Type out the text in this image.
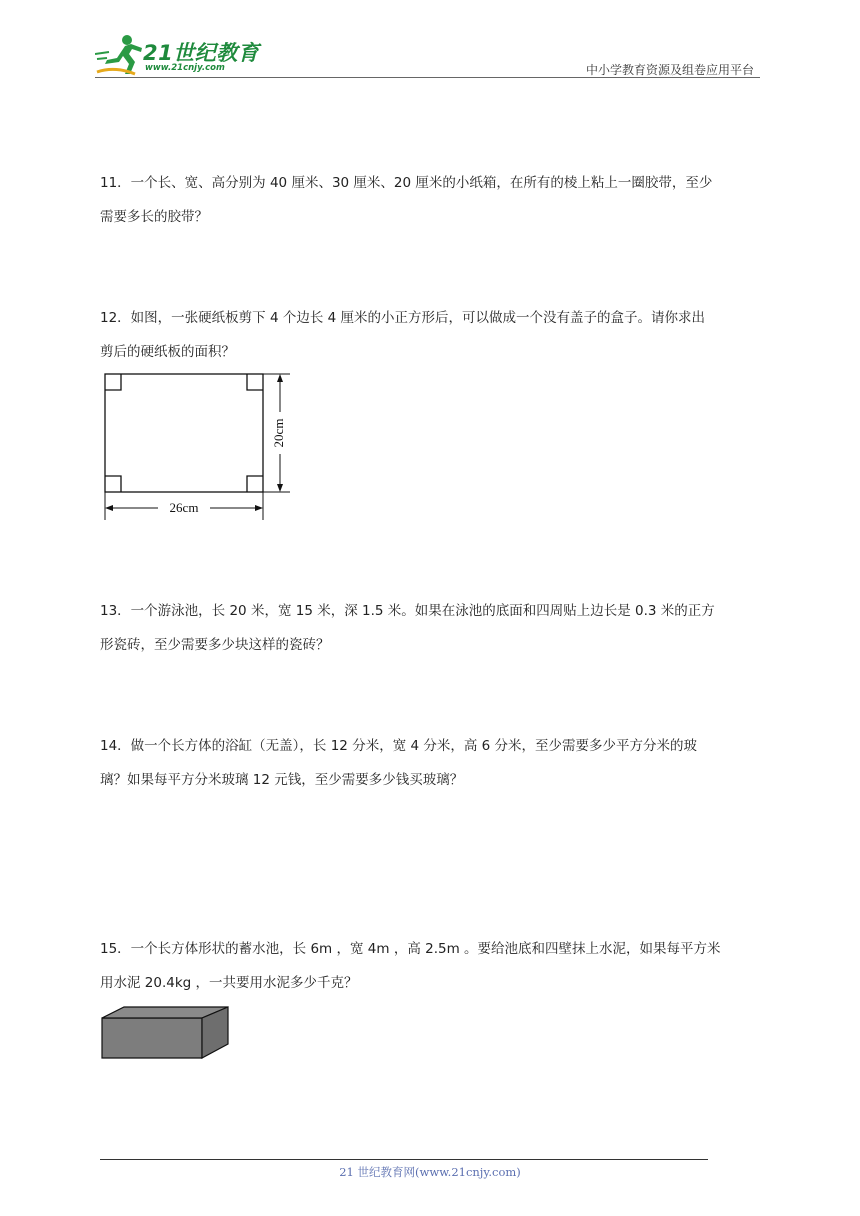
21世纪教育
www.21cnjy.com	中小学教育资源及组卷应用平台

11．一个长、宽、高分别为 40 厘米、30 厘米、20 厘米的小纸箱，在所有的棱上粘上一圈胶带，至少

需要多长的胶带？

12．如图，一张硬纸板剪下 4 个边长 4 厘米的小正方形后，可以做成一个没有盖子的盒子。请你求出

剪后的硬纸板的面积？

20cm
26cm

13．一个游泳池，长 20 米，宽 15 米，深 1.5 米。如果在泳池的底面和四周贴上边长是 0.3 米的正方

形瓷砖，至少需要多少块这样的瓷砖？

14．做一个长方体的浴缸（无盖），长 12 分米，宽 4 分米，高 6 分米，至少需要多少平方分米的玻

璃？如果每平方分米玻璃 12 元钱，至少需要多少钱买玻璃？

15．一个长方体形状的蓄水池，长 6m ，宽 4m ，高 2.5m 。要给池底和四壁抹上水泥，如果每平方米

用水泥 20.4kg ，一共要用水泥多少千克？

21 世纪教育网(www.21cnjy.com)
